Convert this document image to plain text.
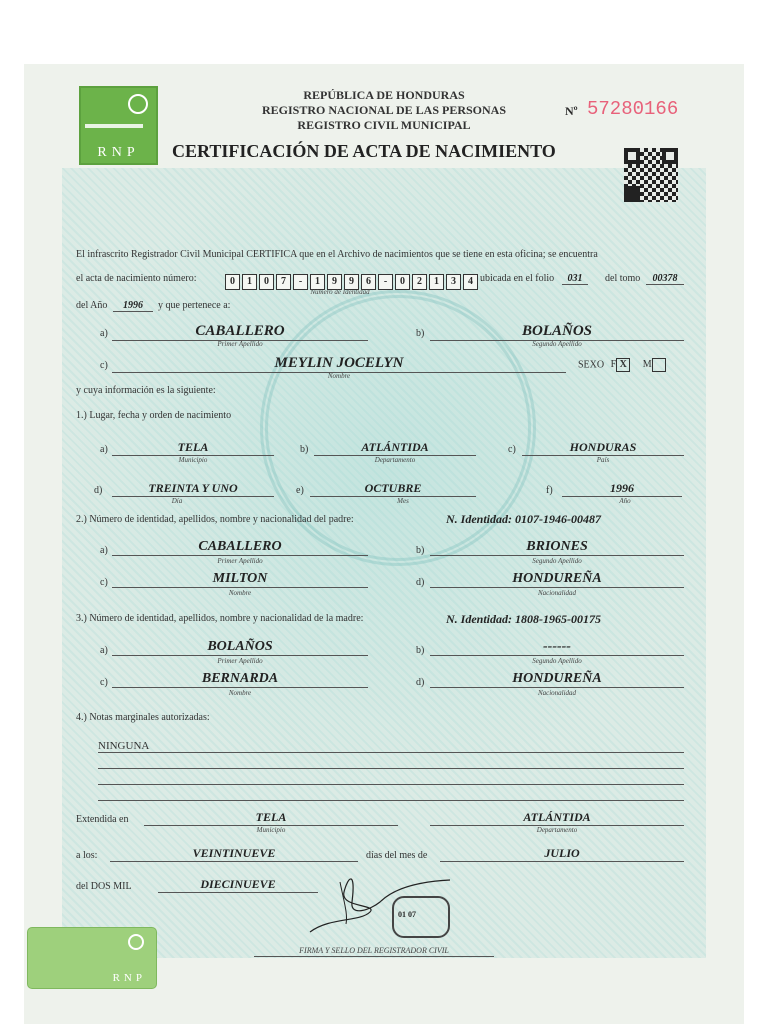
RNP
REPÚBLICA DE HONDURAS
REGISTRO NACIONAL DE LAS PERSONAS
REGISTRO CIVIL MUNICIPAL
Nº 57280166
CERTIFICACIÓN DE ACTA DE NACIMIENTO
El infrascrito Registrador Civil Municipal CERTIFICA que en el Archivo de nacimientos que se tiene en esta oficina; se encuentra
el acta de nacimiento número:	0 1 0 7 - 1 9 9 6 - 0 2 1 3 4
Número de Identidad
ubicada en el folio	031	del tomo	00378
del Año	1996	y que pertenece a:
a)	CABALLERO
Primer Apellido
b)	BOLAÑOS
Segundo Apellido
c)	MEYLIN JOCELYN
Nombre
SEXO F X M
y cuya información es la siguiente:
1.) Lugar, fecha y orden de nacimiento
a)	TELA
Municipio
b)	ATLÁNTIDA
Departamento
c)	HONDURAS
País
d)	TREINTA Y UNO
Día
e)	OCTUBRE
Mes
f)	1996
Año
2.) Número de identidad, apellidos, nombre y nacionalidad del padre:	N. Identidad: 0107-1946-00487
a)	CABALLERO
Primer Apellido
b)	BRIONES
Segundo Apellido
c)	MILTON
Nombre
d)	HONDUREÑA
Nacionalidad
3.) Número de identidad, apellidos, nombre y nacionalidad de la madre:	N. Identidad: 1808-1965-00175
a)	BOLAÑOS
Primer Apellido
b)	------
Segundo Apellido
c)	BERNARDA
Nombre
d)	HONDUREÑA
Nacionalidad
4.) Notas marginales autorizadas:
NINGUNA
Extendida en	TELA
Municipio
ATLÁNTIDA
Departamento
a los:	VEINTINUEVE	días del mes de	JULIO
del DOS MIL	DIECINUEVE
01 07
FIRMA Y SELLO DEL REGISTRADOR CIVIL
RNP
